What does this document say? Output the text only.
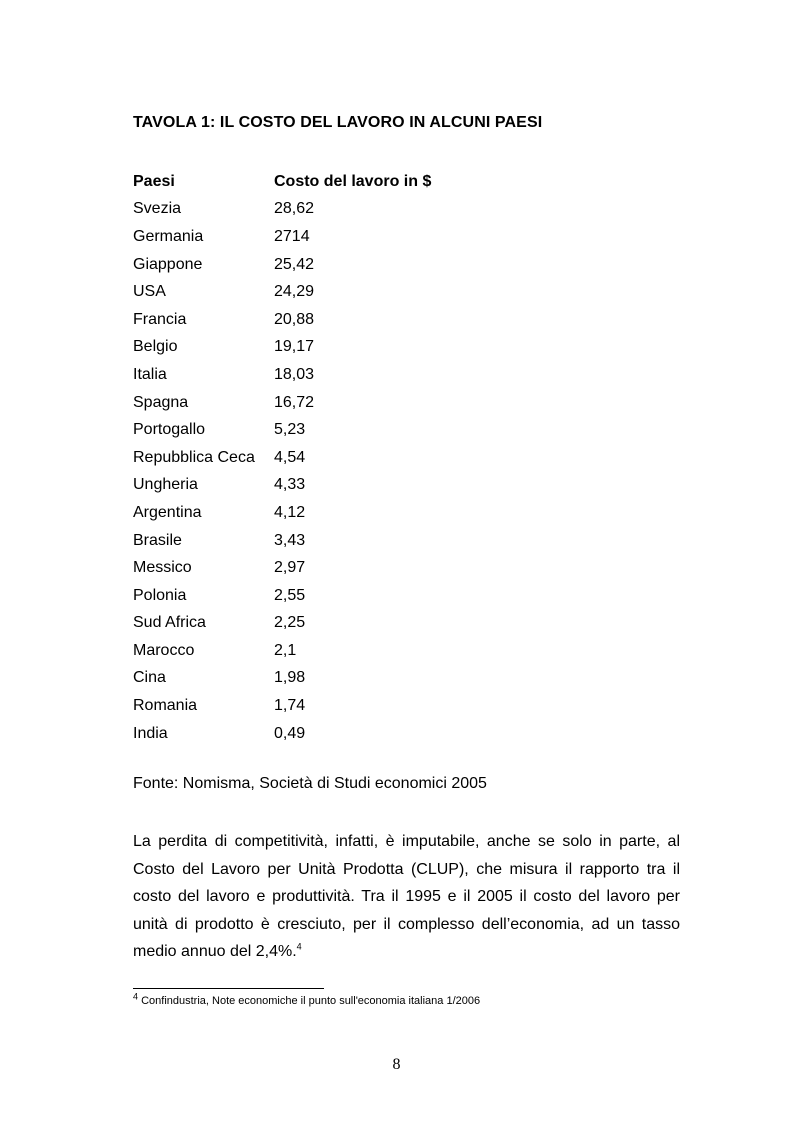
TAVOLA 1: IL COSTO DEL LAVORO IN ALCUNI PAESI
Paesi	Costo del lavoro in $
Svezia	28,62
Germania	2714
Giappone	25,42
USA	24,29
Francia	20,88
Belgio	19,17
Italia	18,03
Spagna	16,72
Portogallo	5,23
Repubblica Ceca	4,54
Ungheria	4,33
Argentina	4,12
Brasile	3,43
Messico	2,97
Polonia	2,55
Sud Africa	2,25
Marocco	2,1
Cina	1,98
Romania	1,74
India	0,49
Fonte: Nomisma, Società di Studi economici 2005
La perdita di competitività, infatti, è imputabile, anche se solo in parte, al Costo del Lavoro per Unità Prodotta (CLUP), che misura il rapporto tra il costo del lavoro e produttività. Tra il 1995 e il 2005 il costo del lavoro per unità di prodotto è cresciuto, per il complesso dell’economia, ad un tasso medio annuo del 2,4%.$^4$
$^4$ Confindustria, Note economiche il punto sull'economia italiana 1/2006
8
